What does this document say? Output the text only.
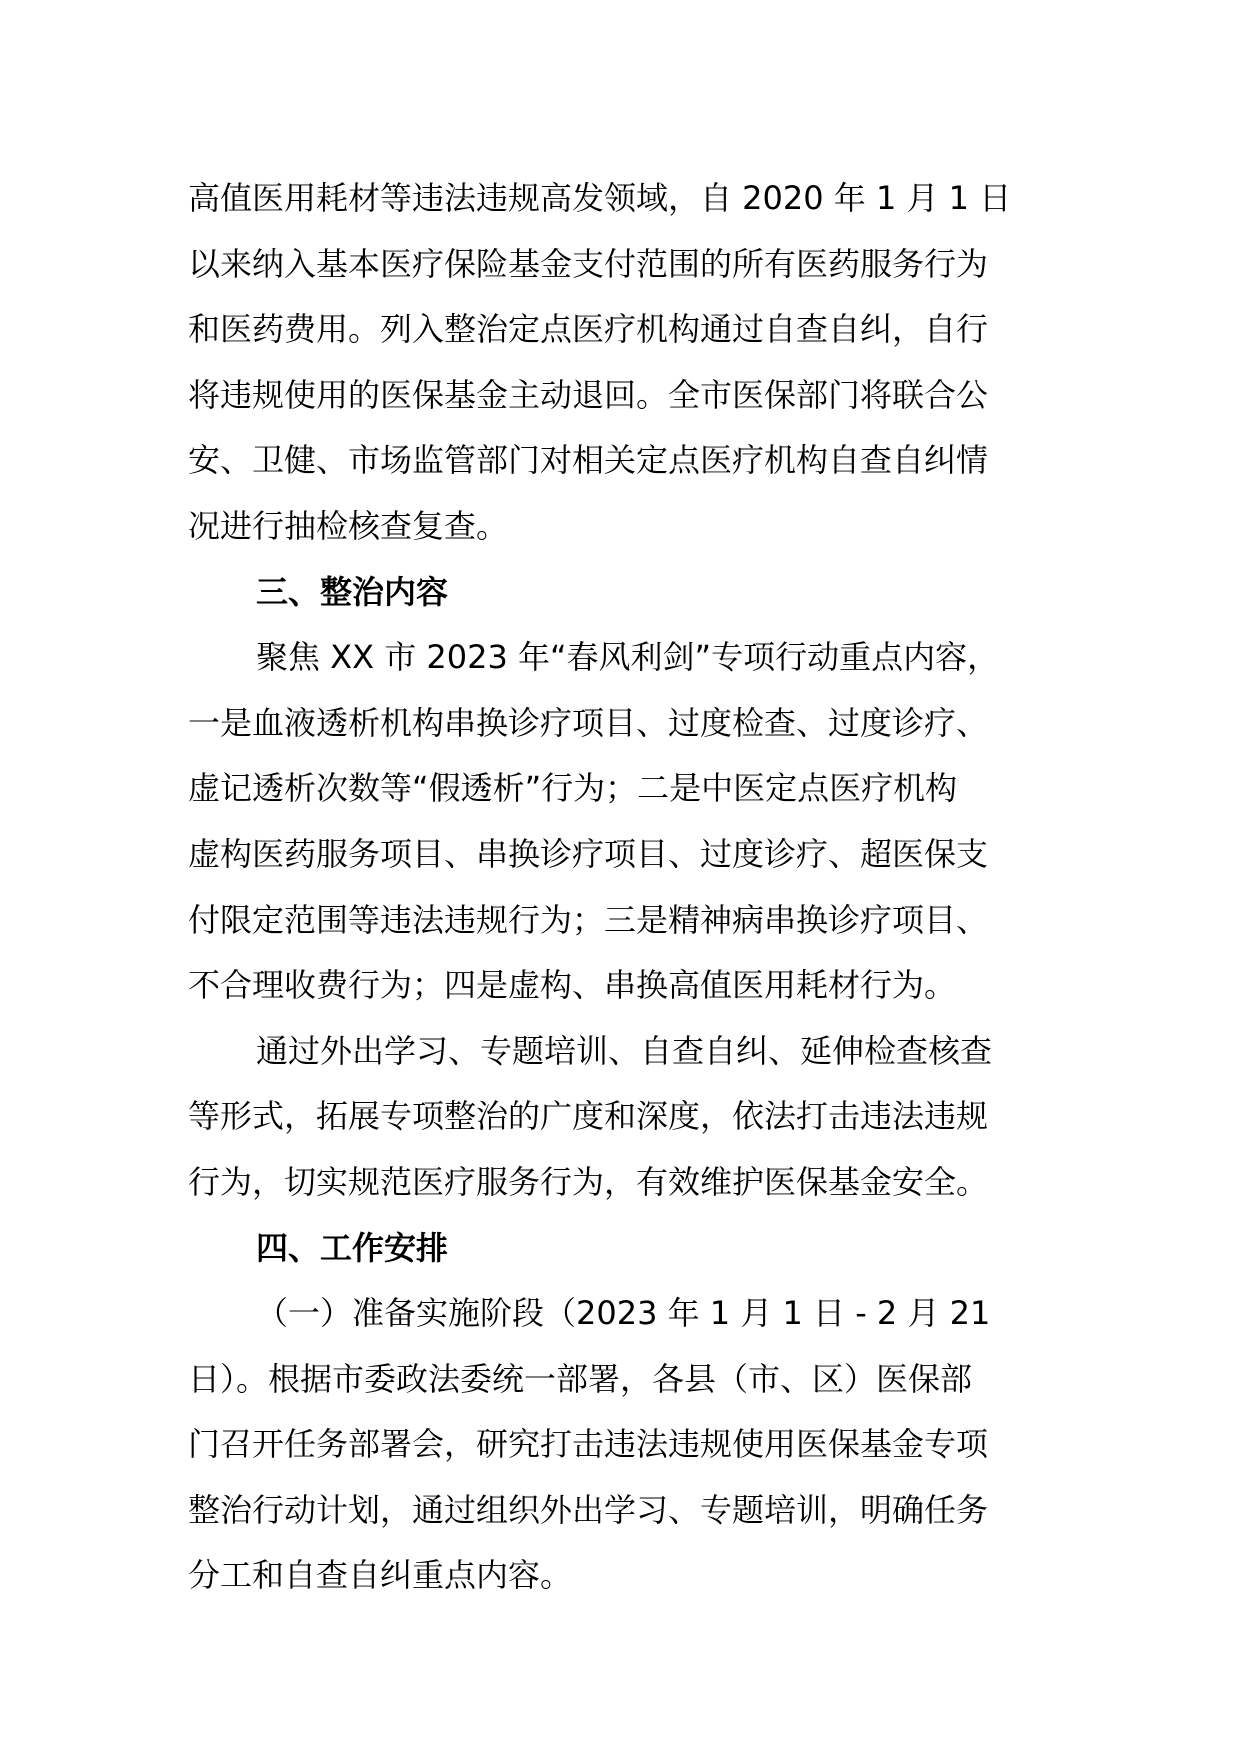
高值医用耗材等违法违规高发领域，自 2020 年 1 月 1 日
以来纳入基本医疗保险基金支付范围的所有医药服务行为
和医药费用。列入整治定点医疗机构通过自查自纠，自行
将违规使用的医保基金主动退回。全市医保部门将联合公
安、卫健、市场监管部门对相关定点医疗机构自查自纠情
况进行抽检核查复查。
三、整治内容
聚焦 XX 市 2023 年“春风利剑”专项行动重点内容，
一是血液透析机构串换诊疗项目、过度检查、过度诊疗、
虚记透析次数等“假透析”行为；二是中医定点医疗机构
虚构医药服务项目、串换诊疗项目、过度诊疗、超医保支
付限定范围等违法违规行为；三是精神病串换诊疗项目、
不合理收费行为；四是虚构、串换高值医用耗材行为。
通过外出学习、专题培训、自查自纠、延伸检查核查
等形式，拓展专项整治的广度和深度，依法打击违法违规
行为，切实规范医疗服务行为，有效维护医保基金安全。
四、工作安排
（一）准备实施阶段（2023 年 1 月 1 日 - 2 月 21
日）。根据市委政法委统一部署，各县（市、区）医保部
门召开任务部署会，研究打击违法违规使用医保基金专项
整治行动计划，通过组织外出学习、专题培训，明确任务
分工和自查自纠重点内容。
